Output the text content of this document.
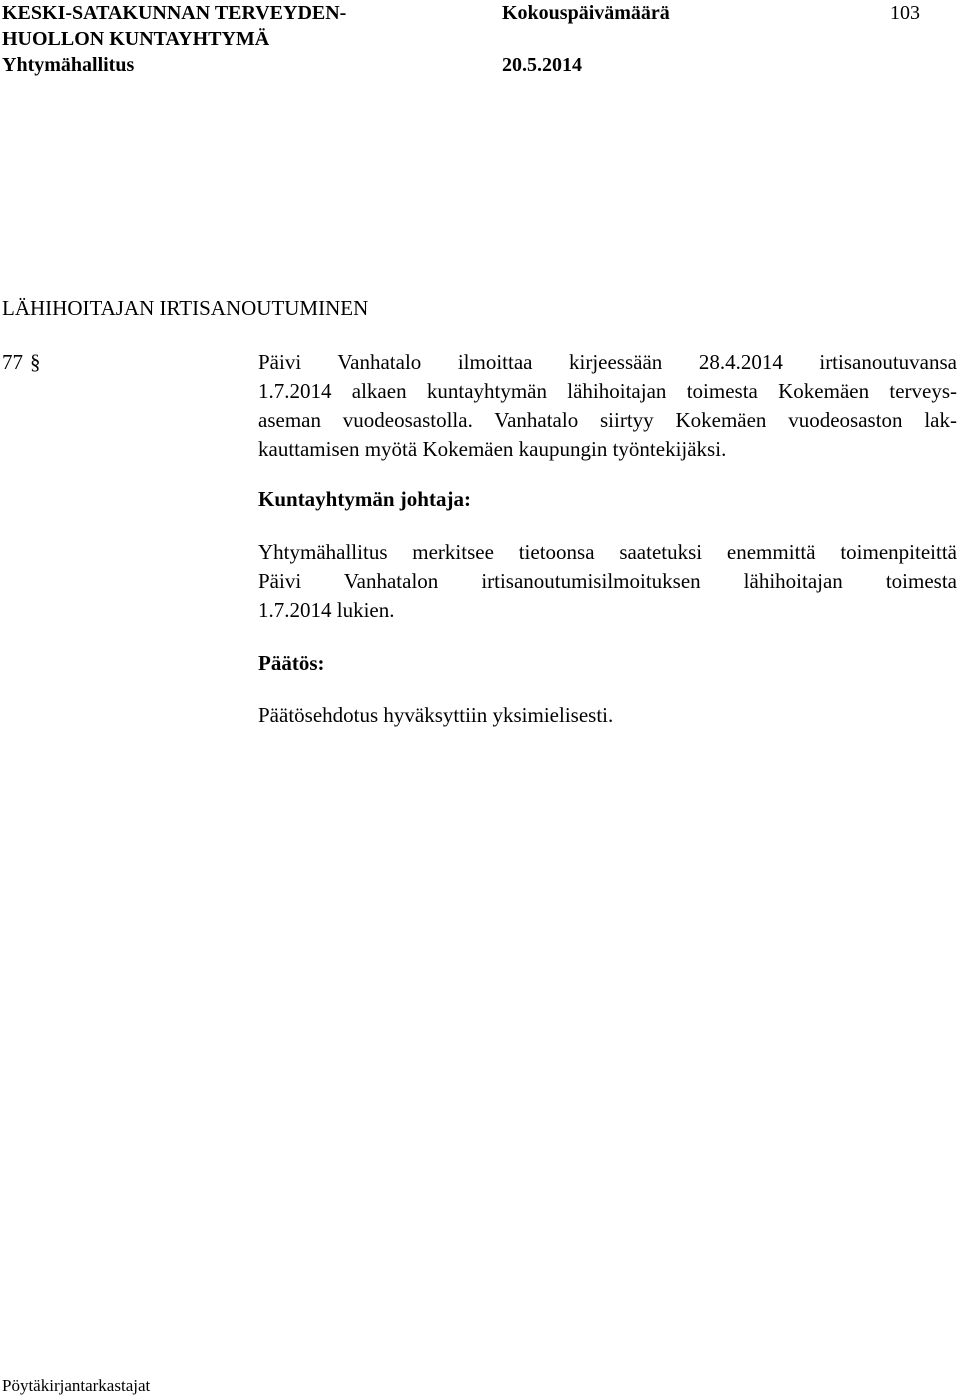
KESKI-SATAKUNNAN TERVEYDEN-
HUOLLON KUNTAYHTYMÄ
Yhtymähallitus
Kokouspäivämäärä
20.5.2014
103
LÄHIHOITAJAN IRTISANOUTUMINEN
77 §	Päivi Vanhatalo ilmoittaa kirjeessään 28.4.2014 irtisanoutuvansa
1.7.2014 alkaen kuntayhtymän lähihoitajan toimesta Kokemäen terveys-
aseman vuodeosastolla. Vanhatalo siirtyy Kokemäen vuodeosaston lak-
kauttamisen myötä Kokemäen kaupungin työntekijäksi.
Kuntayhtymän johtaja:
Yhtymähallitus merkitsee tietoonsa saatetuksi enemmittä toimenpiteittä
Päivi Vanhatalon irtisanoutumisilmoituksen lähihoitajan toimesta
1.7.2014 lukien.
Päätös:
Päätösehdotus hyväksyttiin yksimielisesti.
Pöytäkirjantarkastajat
